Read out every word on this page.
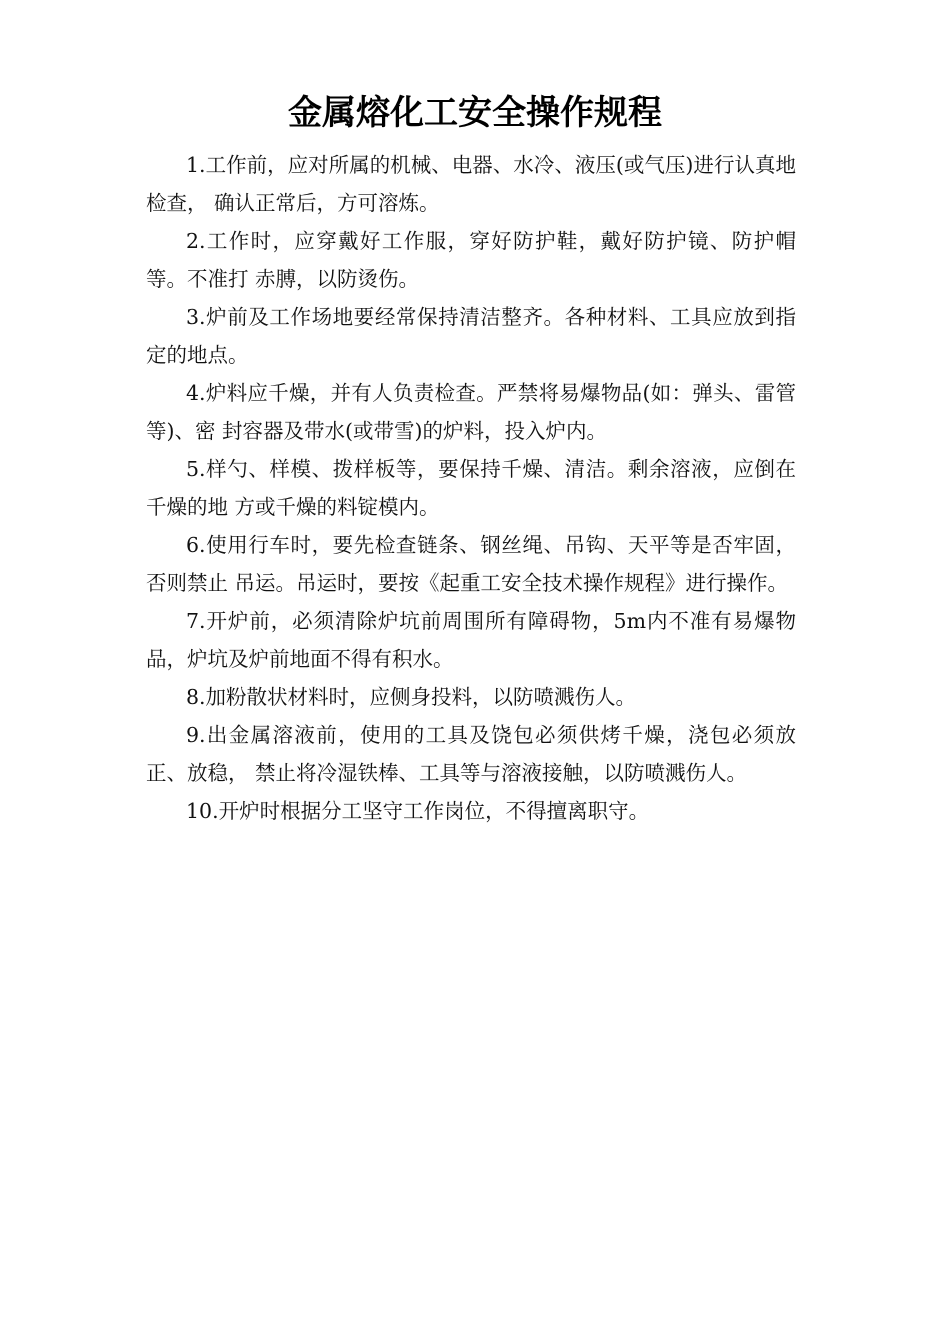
金属熔化工安全操作规程

1.工作前，应对所属的机械、电器、水冷、液压(或气压)进行认真地检查， 确认正常后，方可溶炼。

2.工作时，应穿戴好工作服，穿好防护鞋，戴好防护镜、防护帽等。不准打 赤膊，以防烫伤。

3.炉前及工作场地要经常保持清洁整齐。各种材料、工具应放到指定的地点。

4.炉料应千燥，并有人负责检查。严禁将易爆物品(如：弹头、雷管等)、密 封容器及带水(或带雪)的炉料，投入炉内。

5.样勺、样模、拨样板等，要保持千燥、清洁。剩余溶液，应倒在千燥的地 方或千燥的料锭模内。

6.使用行车时，要先检查链条、钢丝绳、吊钩、天平等是否牢固，否则禁止 吊运。吊运时，要按《起重工安全技术操作规程》进行操作。

7.开炉前，必须清除炉坑前周围所有障碍物，5m内不准有易爆物品，炉坑及炉前地面不得有积水。

8.加粉散状材料时，应侧身投料，以防喷溅伤人。

9.出金属溶液前，使用的工具及饶包必须供烤千燥，浇包必须放正、放稳， 禁止将冷湿铁棒、工具等与溶液接触，以防喷溅伤人。

10.开炉时根据分工坚守工作岗位，不得擅离职守。
